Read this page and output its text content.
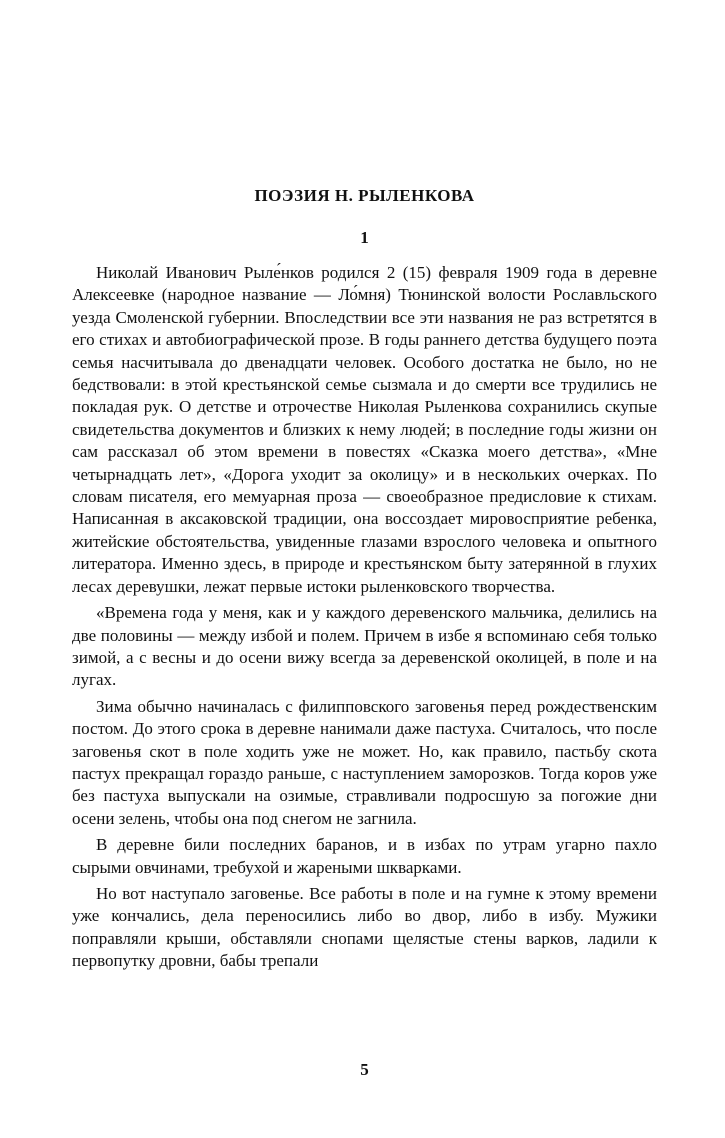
ПОЭЗИЯ Н. РЫЛЕНКОВА
1

Николай Иванович Рыле́нков родился 2 (15) февраля 1909 года в деревне Алексеевке (народное название — Ло́мня) Тюнинской волости Рославльского уезда Смоленской губернии. Впоследствии все эти названия не раз встретятся в его стихах и автобиографической прозе. В годы раннего детства будущего поэта семья насчитывала до двенадцати человек. Особого достатка не было, но не бедствовали: в этой крестьянской семье сызмала и до смерти все трудились не покладая рук. О детстве и отрочестве Николая Рыленкова сохранились скупые свидетельства документов и близких к нему людей; в последние годы жизни он сам рассказал об этом времени в повестях «Сказка моего детства», «Мне четырнадцать лет», «Дорога уходит за околицу» и в нескольких очерках. По словам писателя, его мемуарная проза — своеобразное предисловие к стихам. Написанная в аксаковской традиции, она воссоздает мировосприятие ребенка, житейские обстоятельства, увиденные глазами взрослого человека и опытного литератора. Именно здесь, в природе и крестьянском быту затерянной в глухих лесах деревушки, лежат первые истоки рыленковского творчества.

«Времена года у меня, как и у каждого деревенского мальчика, делились на две половины — между избой и полем. Причем в избе я вспоминаю себя только зимой, а с весны и до осени вижу всегда за деревенской околицей, в поле и на лугах.

Зима обычно начиналась с филипповского заговенья перед рождественским постом. До этого срока в деревне нанимали даже пастуха. Считалось, что после заговенья скот в поле ходить уже не может. Но, как правило, пастьбу скота пастух прекращал гораздо раньше, с наступлением заморозков. Тогда коров уже без пастуха выпускали на озимые, стравливали подросшую за погожие дни осени зелень, чтобы она под снегом не загнила.

В деревне били последних баранов, и в избах по утрам угарно пахло сырыми овчинами, требухой и жареными шкварками.

Но вот наступало заговенье. Все работы в поле и на гумне к этому времени уже кончались, дела переносились либо во двор, либо в избу. Мужики поправляли крыши, обставляли снопами щелястые стены варков, ладили к первопутку дровни, бабы трепали

5
